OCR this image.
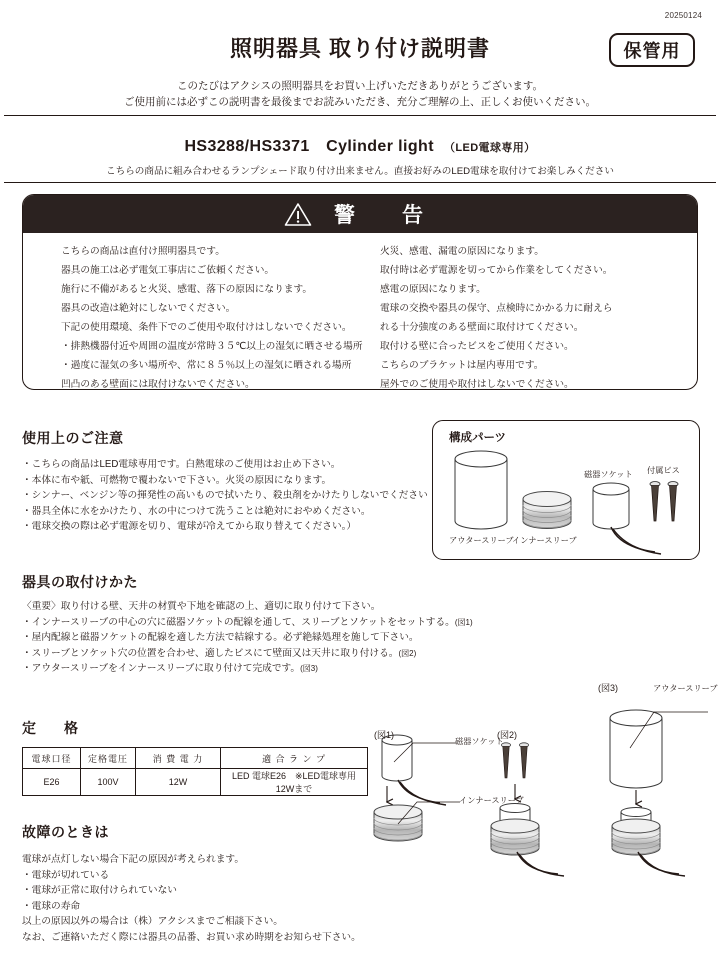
20250124
照明器具 取り付け説明書	保管用
このたびはアクシスの照明器具をお買い上げいただきありがとうございます。
ご使用前には必ずこの説明書を最後までお読みいただき、充分ご理解の上、正しくお使いください。
HS3288/HS3371　Cylinder light （LED電球専用）
こちらの商品に組み合わせるランプシェード取り付け出来ません。直接お好みのLED電球を取付けてお楽しみください
警　告

こちらの商品は直付け照明器具です。

器具の施工は必ず電気工事店にご依頼ください。

施行に不備があると火災、感電、落下の原因になります。

器具の改造は絶対にしないでください。

下記の使用環境、条件下でのご使用や取付けはしないでください。

・排熱機器付近や周囲の温度が常時３５℃以上の湿気に晒させる場所

・過度に湿気の多い場所や、常に８５％以上の湿気に晒される場所

凹凸のある壁面には取付けないでください。

火災、感電、漏電の原因になります。

取付時は必ず電源を切ってから作業をしてください。

感電の原因になります。

電球の交換や器具の保守、点検時にかかる力に耐えら

れる十分強度のある壁面に取付けてください。

取付ける壁に合ったビスをご使用ください。

こちらのブラケットは屋内専用です。

屋外でのご使用や取付はしないでください。

使用上のご注意
・こちらの商品はLED電球専用です。白熱電球のご使用はお止め下さい。
・本体に布や紙、可燃物で覆わないで下さい。火災の原因になります。
・シンナー、ベンジン等の揮発性の高いもので拭いたり、殺虫剤をかけたりしないでください
・器具全体に水をかけたり、水の中につけて洗うことは絶対におやめください。
・電球交換の際は必ず電源を切り、電球が冷えてから取り替えてください。）
構成パーツ
アウタースリーブ
インナースリーブ
磁器ソケット 付属ビス
器具の取付けかた
〈重要〉取り付ける壁、天井の材質や下地を確認の上、適切に取り付けて下さい。
・インナースリーブの中心の穴に磁器ソケットの配線を通して、スリーブとソケットをセットする。(図1)
・屋内配線と磁器ソケットの配線を適した方法で結線する。必ず絶縁処理を施して下さい。
・スリーブとソケット穴の位置を合わせ、適したビスにて壁面又は天井に取り付ける。(図2)
・アウタースリーブをインナースリーブに取り付けて完成です。(図3)
定　格
電球口径	定格電圧	消 費 電 力	適 合 ラ ン プ
E26	100V	12W	LED 電球E26　※LED電球専用 12Wまで
故障のときは
電球が点灯しない場合下記の原因が考えられます。
・電球が切れている
・電球が正常に取付けられていない
・電球の寿命
以上の原因以外の場合は（株）アクシスまでご相談下さい。
なお、ご連絡いただく際には器具の品番、お買い求め時期をお知らせ下さい。
(図1)
磁器ソケット
インナースリーブ
(図2)
(図3)	アウタースリーブ
